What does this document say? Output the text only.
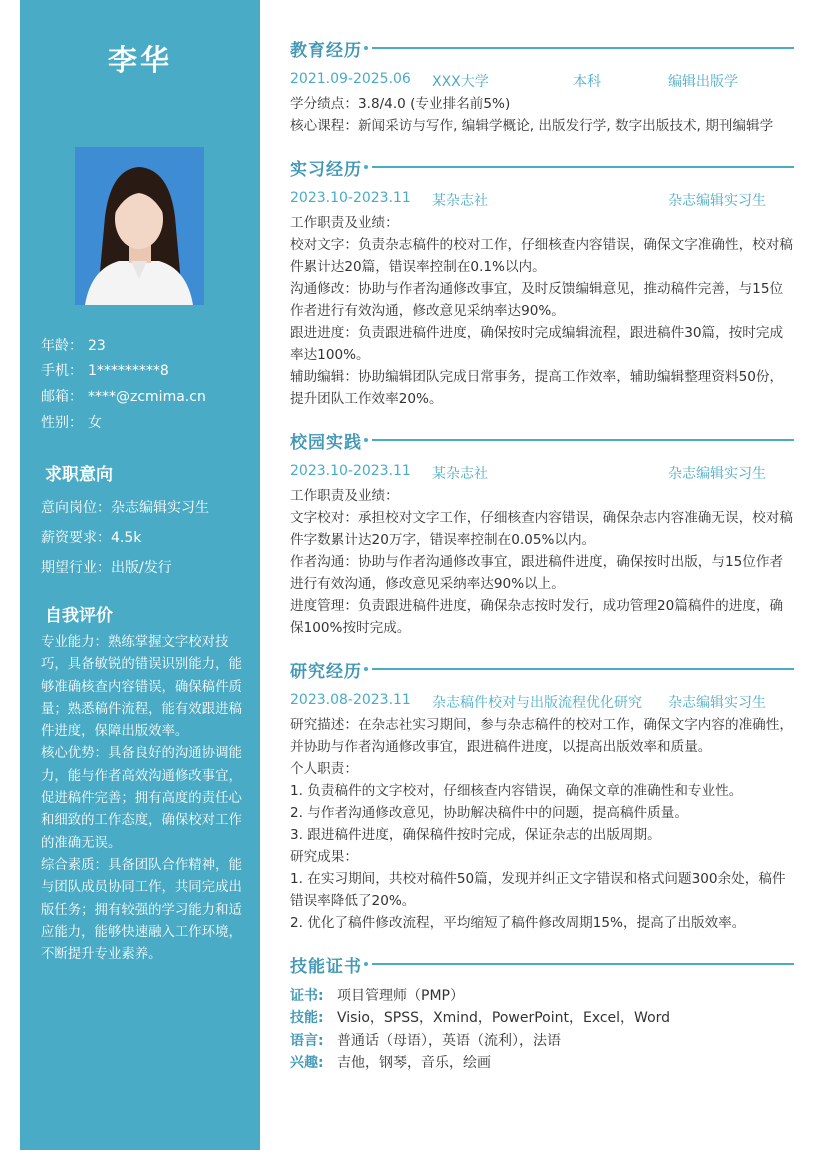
李华
年龄： 23
手机： 1*********8
邮箱： ****@zcmima.cn
性别： 女
求职意向
意向岗位：杂志编辑实习生
薪资要求：4.5k
期望行业：出版/发行
自我评价

专业能力：熟练掌握文字校对技巧，具备敏锐的错误识别能力，能够准确核查内容错误，确保稿件质量；熟悉稿件流程，能有效跟进稿件进度，保障出版效率。

核心优势：具备良好的沟通协调能力，能与作者高效沟通修改事宜，促进稿件完善；拥有高度的责任心和细致的工作态度，确保校对工作的准确无误。

综合素质：具备团队合作精神，能与团队成员协同工作，共同完成出版任务；拥有较强的学习能力和适应能力，能够快速融入工作环境，不断提升专业素养。

教育经历
2021.09-2025.06 XXX大学	本科	编辑出版学

学分绩点：3.8/4.0 (专业排名前5%)

核心课程：新闻采访与写作, 编辑学概论, 出版发行学, 数字出版技术, 期刊编辑学

实习经历
2023.10-2023.11 某杂志社	杂志编辑实习生

工作职责及业绩：

校对文字：负责杂志稿件的校对工作，仔细核查内容错误，确保文字准确性，校对稿件累计达20篇，错误率控制在0.1%以内。

沟通修改：协助与作者沟通修改事宜，及时反馈编辑意见，推动稿件完善，与15位作者进行有效沟通，修改意见采纳率达90%。

跟进进度：负责跟进稿件进度，确保按时完成编辑流程，跟进稿件30篇，按时完成率达100%。

辅助编辑：协助编辑团队完成日常事务，提高工作效率，辅助编辑整理资料50份，提升团队工作效率20%。

校园实践
2023.10-2023.11 某杂志社	杂志编辑实习生

工作职责及业绩：

文字校对：承担校对文字工作，仔细核查内容错误，确保杂志内容准确无误，校对稿件字数累计达20万字，错误率控制在0.05%以内。

作者沟通：协助与作者沟通修改事宜，跟进稿件进度，确保按时出版，与15位作者进行有效沟通，修改意见采纳率达90%以上。

进度管理：负责跟进稿件进度，确保杂志按时发行，成功管理20篇稿件的进度，确保100%按时完成。

研究经历
2023.08-2023.11 杂志稿件校对与出版流程优化研究 杂志编辑实习生

研究描述：在杂志社实习期间，参与杂志稿件的校对工作，确保文字内容的准确性，并协助与作者沟通修改事宜，跟进稿件进度，以提高出版效率和质量。

个人职责：

1. 负责稿件的文字校对，仔细核查内容错误，确保文章的准确性和专业性。

2. 与作者沟通修改意见，协助解决稿件中的问题，提高稿件质量。

3. 跟进稿件进度，确保稿件按时完成，保证杂志的出版周期。

研究成果：

1. 在实习期间，共校对稿件50篇，发现并纠正文字错误和格式问题300余处，稿件错误率降低了20%。

2. 优化了稿件修改流程，平均缩短了稿件修改周期15%，提高了出版效率。

技能证书
证书: 项目管理师（PMP）
技能: Visio，SPSS，Xmind，PowerPoint，Excel，Word
语言: 普通话（母语），英语（流利），法语
兴趣: 吉他，钢琴，音乐，绘画
